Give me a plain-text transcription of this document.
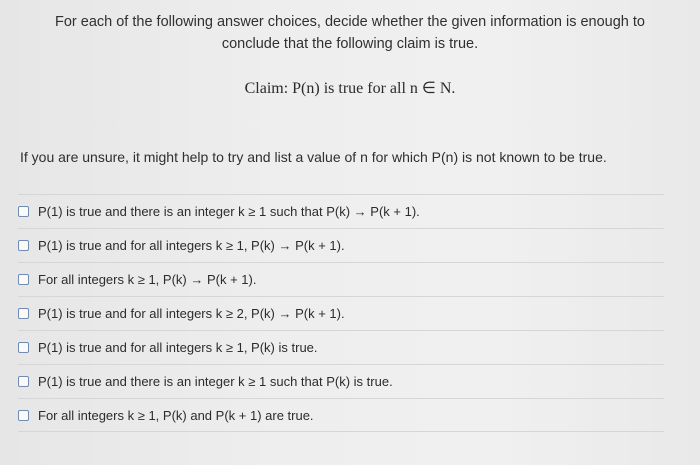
For each of the following answer choices, decide whether the given information is enough to conclude that the following claim is true.
Claim: P(n) is true for all n ∈ N.
If you are unsure, it might help to try and list a value of n for which P(n) is not known to be true.
P(1) is true and there is an integer k ≥ 1 such that P(k) → P(k + 1).
P(1) is true and for all integers k ≥ 1, P(k) → P(k + 1).
For all integers k ≥ 1, P(k) → P(k + 1).
P(1) is true and for all integers k ≥ 2, P(k) → P(k + 1).
P(1) is true and for all integers k ≥ 1, P(k) is true.
P(1) is true and there is an integer k ≥ 1 such that P(k) is true.
For all integers k ≥ 1, P(k) and P(k + 1) are true.
